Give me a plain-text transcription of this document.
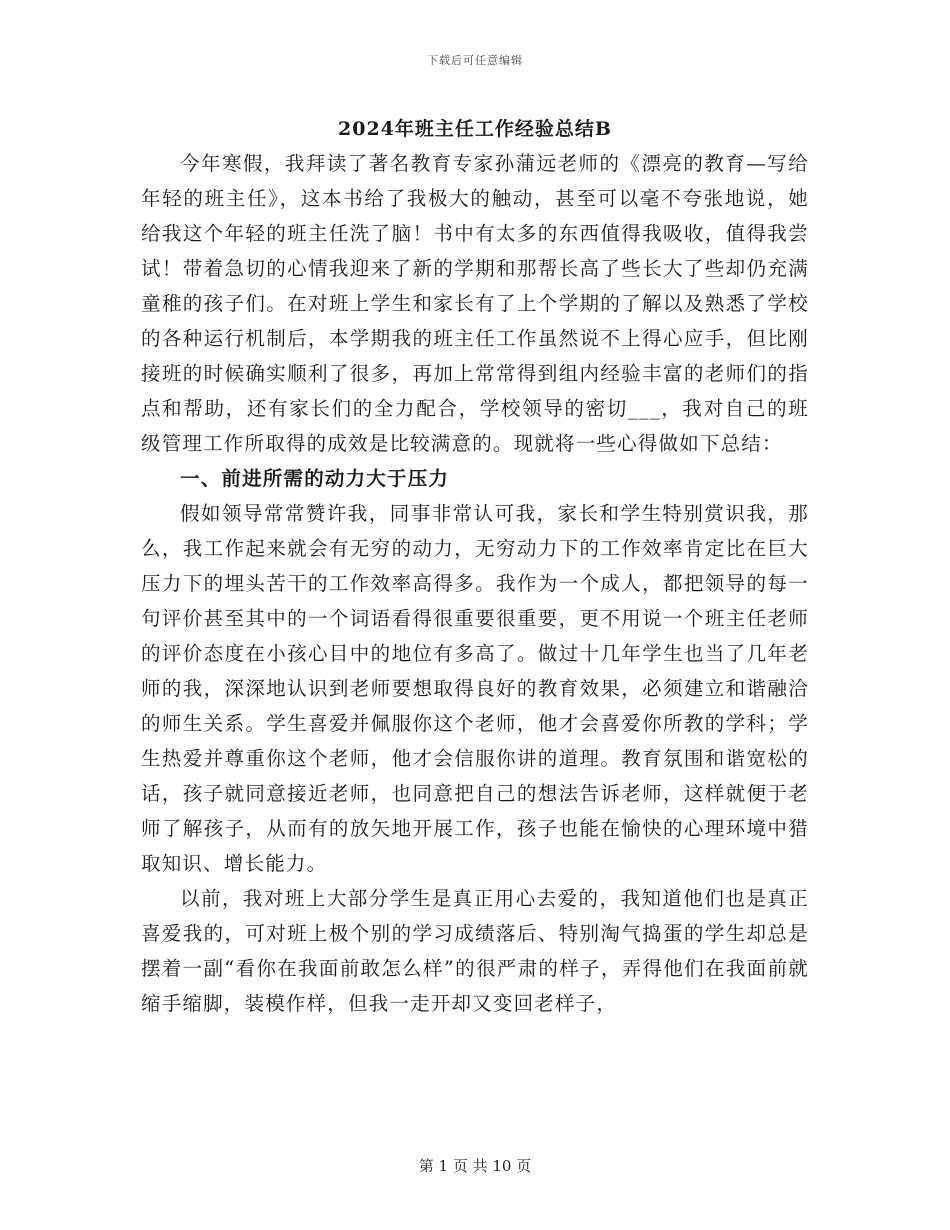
下载后可任意编辑
2024年班主任工作经验总结B

今年寒假，我拜读了著名教育专家孙蒲远老师的《漂亮的教育—写给年轻的班主任》，这本书给了我极大的触动，甚至可以毫不夸张地说，她给我这个年轻的班主任洗了脑！书中有太多的东西值得我吸收，值得我尝试！带着急切的心情我迎来了新的学期和那帮长高了些长大了些却仍充满童稚的孩子们。在对班上学生和家长有了上个学期的了解以及熟悉了学校的各种运行机制后，本学期我的班主任工作虽然说不上得心应手，但比刚接班的时候确实顺利了很多，再加上常常得到组内经验丰富的老师们的指点和帮助，还有家长们的全力配合，学校领导的密切___，我对自己的班级管理工作所取得的成效是比较满意的。现就将一些心得做如下总结：

一、前进所需的动力大于压力

假如领导常常赞许我，同事非常认可我，家长和学生特别赏识我，那么，我工作起来就会有无穷的动力，无穷动力下的工作效率肯定比在巨大压力下的埋头苦干的工作效率高得多。我作为一个成人，都把领导的每一句评价甚至其中的一个词语看得很重要很重要，更不用说一个班主任老师的评价态度在小孩心目中的地位有多高了。做过十几年学生也当了几年老师的我，深深地认识到老师要想取得良好的教育效果，必须建立和谐融洽的师生关系。学生喜爱并佩服你这个老师，他才会喜爱你所教的学科；学生热爱并尊重你这个老师，他才会信服你讲的道理。教育氛围和谐宽松的话，孩子就同意接近老师，也同意把自己的想法告诉老师，这样就便于老师了解孩子，从而有的放矢地开展工作，孩子也能在愉快的心理环境中猎取知识、增长能力。

以前，我对班上大部分学生是真正用心去爱的，我知道他们也是真正喜爱我的，可对班上极个别的学习成绩落后、特别淘气捣蛋的学生却总是摆着一副“看你在我面前敢怎么样”的很严肃的样子，弄得他们在我面前就缩手缩脚，装模作样，但我一走开却又变回老样子，

第 1 页 共 10 页
